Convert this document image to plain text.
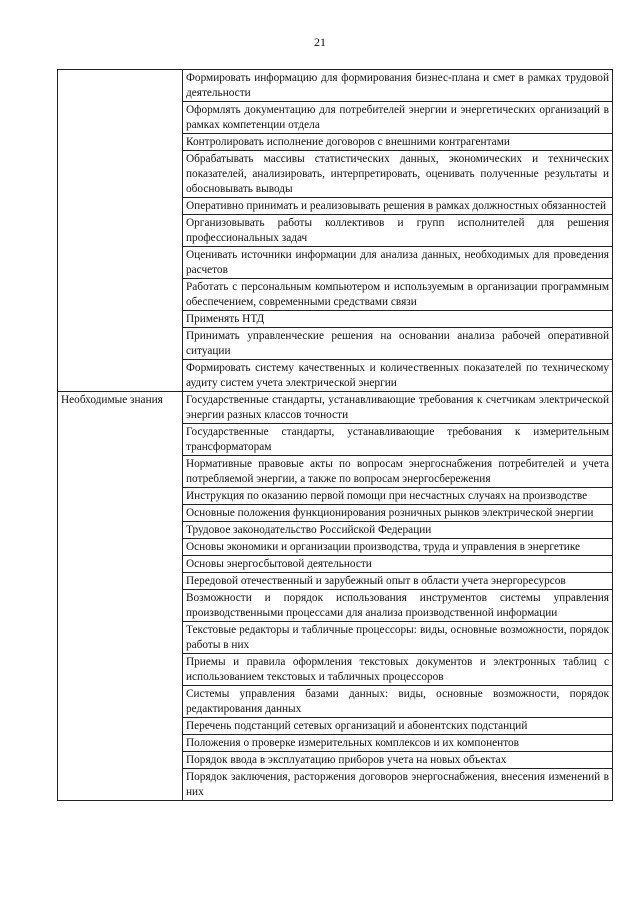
21
	Формировать информацию для формирования бизнес-плана и смет в рамках трудовой деятельности
	Оформлять документацию для потребителей энергии и энергетических организаций в рамках компетенции отдела
	Контролировать исполнение договоров с внешними контрагентами
	Обрабатывать массивы статистических данных, экономических и технических показателей, анализировать, интерпретировать, оценивать полученные результаты и обосновывать выводы
	Оперативно принимать и реализовывать решения в рамках должностных обязанностей
	Организовывать работы коллективов и групп исполнителей для решения профессиональных задач
	Оценивать источники информации для анализа данных, необходимых для проведения расчетов
	Работать с персональным компьютером и используемым в организации программным обеспечением, современными средствами связи
	Применять НТД
	Принимать управленческие решения на основании анализа рабочей оперативной ситуации
	Формировать систему качественных и количественных показателей по техническому аудиту систем учета электрической энергии
Необходимые знания	Государственные стандарты, устанавливающие требования к счетчикам электрической энергии разных классов точности
	Государственные стандарты, устанавливающие требования к измерительным трансформаторам
	Нормативные правовые акты по вопросам энергоснабжения потребителей и учета потребляемой энергии, а также по вопросам энергосбережения
	Инструкция по оказанию первой помощи при несчастных случаях на производстве
	Основные положения функционирования розничных рынков электрической энергии
	Трудовое законодательство Российской Федерации
	Основы экономики и организации производства, труда и управления в энергетике
	Основы энергосбытовой деятельности
	Передовой отечественный и зарубежный опыт в области учета энергоресурсов
	Возможности и порядок использования инструментов системы управления производственными процессами для анализа производственной информации
	Текстовые редакторы и табличные процессоры: виды, основные возможности, порядок работы в них
	Приемы и правила оформления текстовых документов и электронных таблиц с использованием текстовых и табличных процессоров
	Системы управления базами данных: виды, основные возможности, порядок редактирования данных
	Перечень подстанций сетевых организаций и абонентских подстанций
	Положения о проверке измерительных комплексов и их компонентов
	Порядок ввода в эксплуатацию приборов учета на новых объектах
	Порядок заключения, расторжения договоров энергоснабжения, внесения изменений в них
